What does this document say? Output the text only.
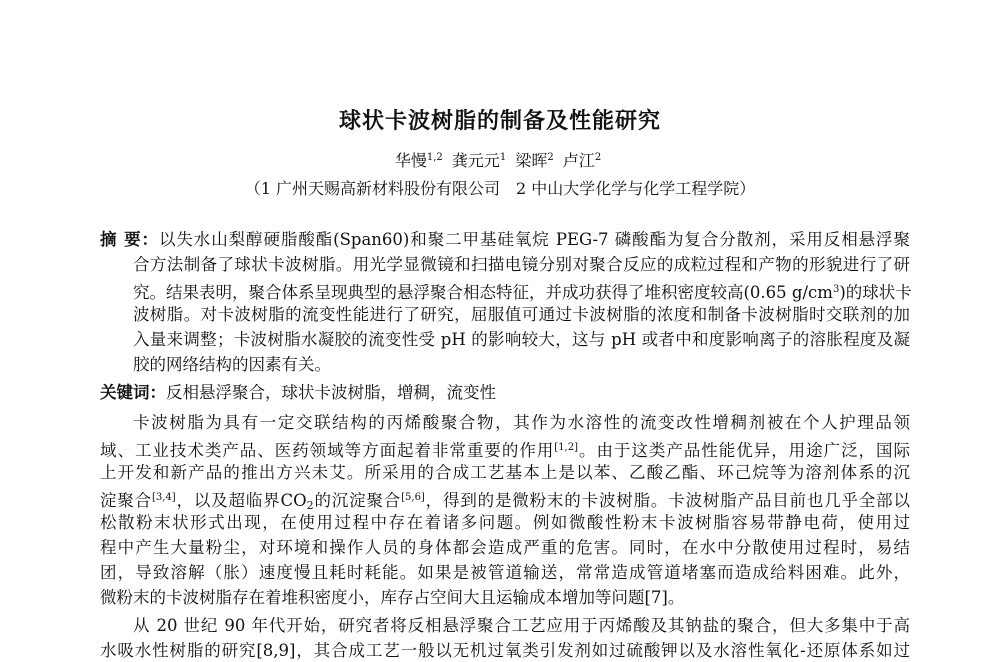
球状卡波树脂的制备及性能研究
华慢$^{1,2}$ 龚元元$^1$ 梁晖$^2$ 卢江$^2$
（1 广州天赐高新材料股份有限公司　2 中山大学化学与化学工程学院）
摘 要：以失水山梨醇硬脂酸酯(Span60)和聚二甲基硅氧烷 PEG-7 磷酸酯为复合分散剂，采用反相悬浮聚
合方法制备了球状卡波树脂。用光学显微镜和扫描电镜分别对聚合反应的成粒过程和产物的形貌进行了研
究。结果表明，聚合体系呈现典型的悬浮聚合相态特征，并成功获得了堆积密度较高(0.65 $g/cm^3$)的球状卡
波树脂。对卡波树脂的流变性能进行了研究，屈服值可通过卡波树脂的浓度和制备卡波树脂时交联剂的加
入量来调整；卡波树脂水凝胶的流变性受 pH 的影响较大，这与 pH 或者中和度影响离子的溶胀程度及凝
胶的网络结构的因素有关。
关键词：反相悬浮聚合，球状卡波树脂，增稠，流变性
卡波树脂为具有一定交联结构的丙烯酸聚合物，其作为水溶性的流变改性增稠剂被在个人护理品领
域、工业技术类产品、医药领域等方面起着非常重要的作用[1,2]。由于这类产品性能优异，用途广泛，国际
上开发和新产品的推出方兴未艾。所采用的合成工艺基本上是以苯、乙酸乙酯、环己烷等为溶剂体系的沉
淀聚合[3,4]，以及超临界$CO_2$的沉淀聚合[5,6]，得到的是微粉末的卡波树脂。卡波树脂产品目前也几乎全部以
松散粉末状形式出现，在使用过程中存在着诸多问题。例如微酸性粉末卡波树脂容易带静电荷，使用过
程中产生大量粉尘，对环境和操作人员的身体都会造成严重的危害。同时，在水中分散使用过程时，易结
团，导致溶解（胀）速度慢且耗时耗能。如果是被管道输送，常常造成管道堵塞而造成给料困难。此外，
微粉末的卡波树脂存在着堆积密度小，库存占空间大且运输成本增加等问题[7]。
从 20 世纪 90 年代开始，研究者将反相悬浮聚合工艺应用于丙烯酸及其钠盐的聚合，但大多集中于高
水吸水性树脂的研究[8,9]，其合成工艺一般以无机过氧类引发剂如过硫酸钾以及水溶性氧化-还原体系如过
